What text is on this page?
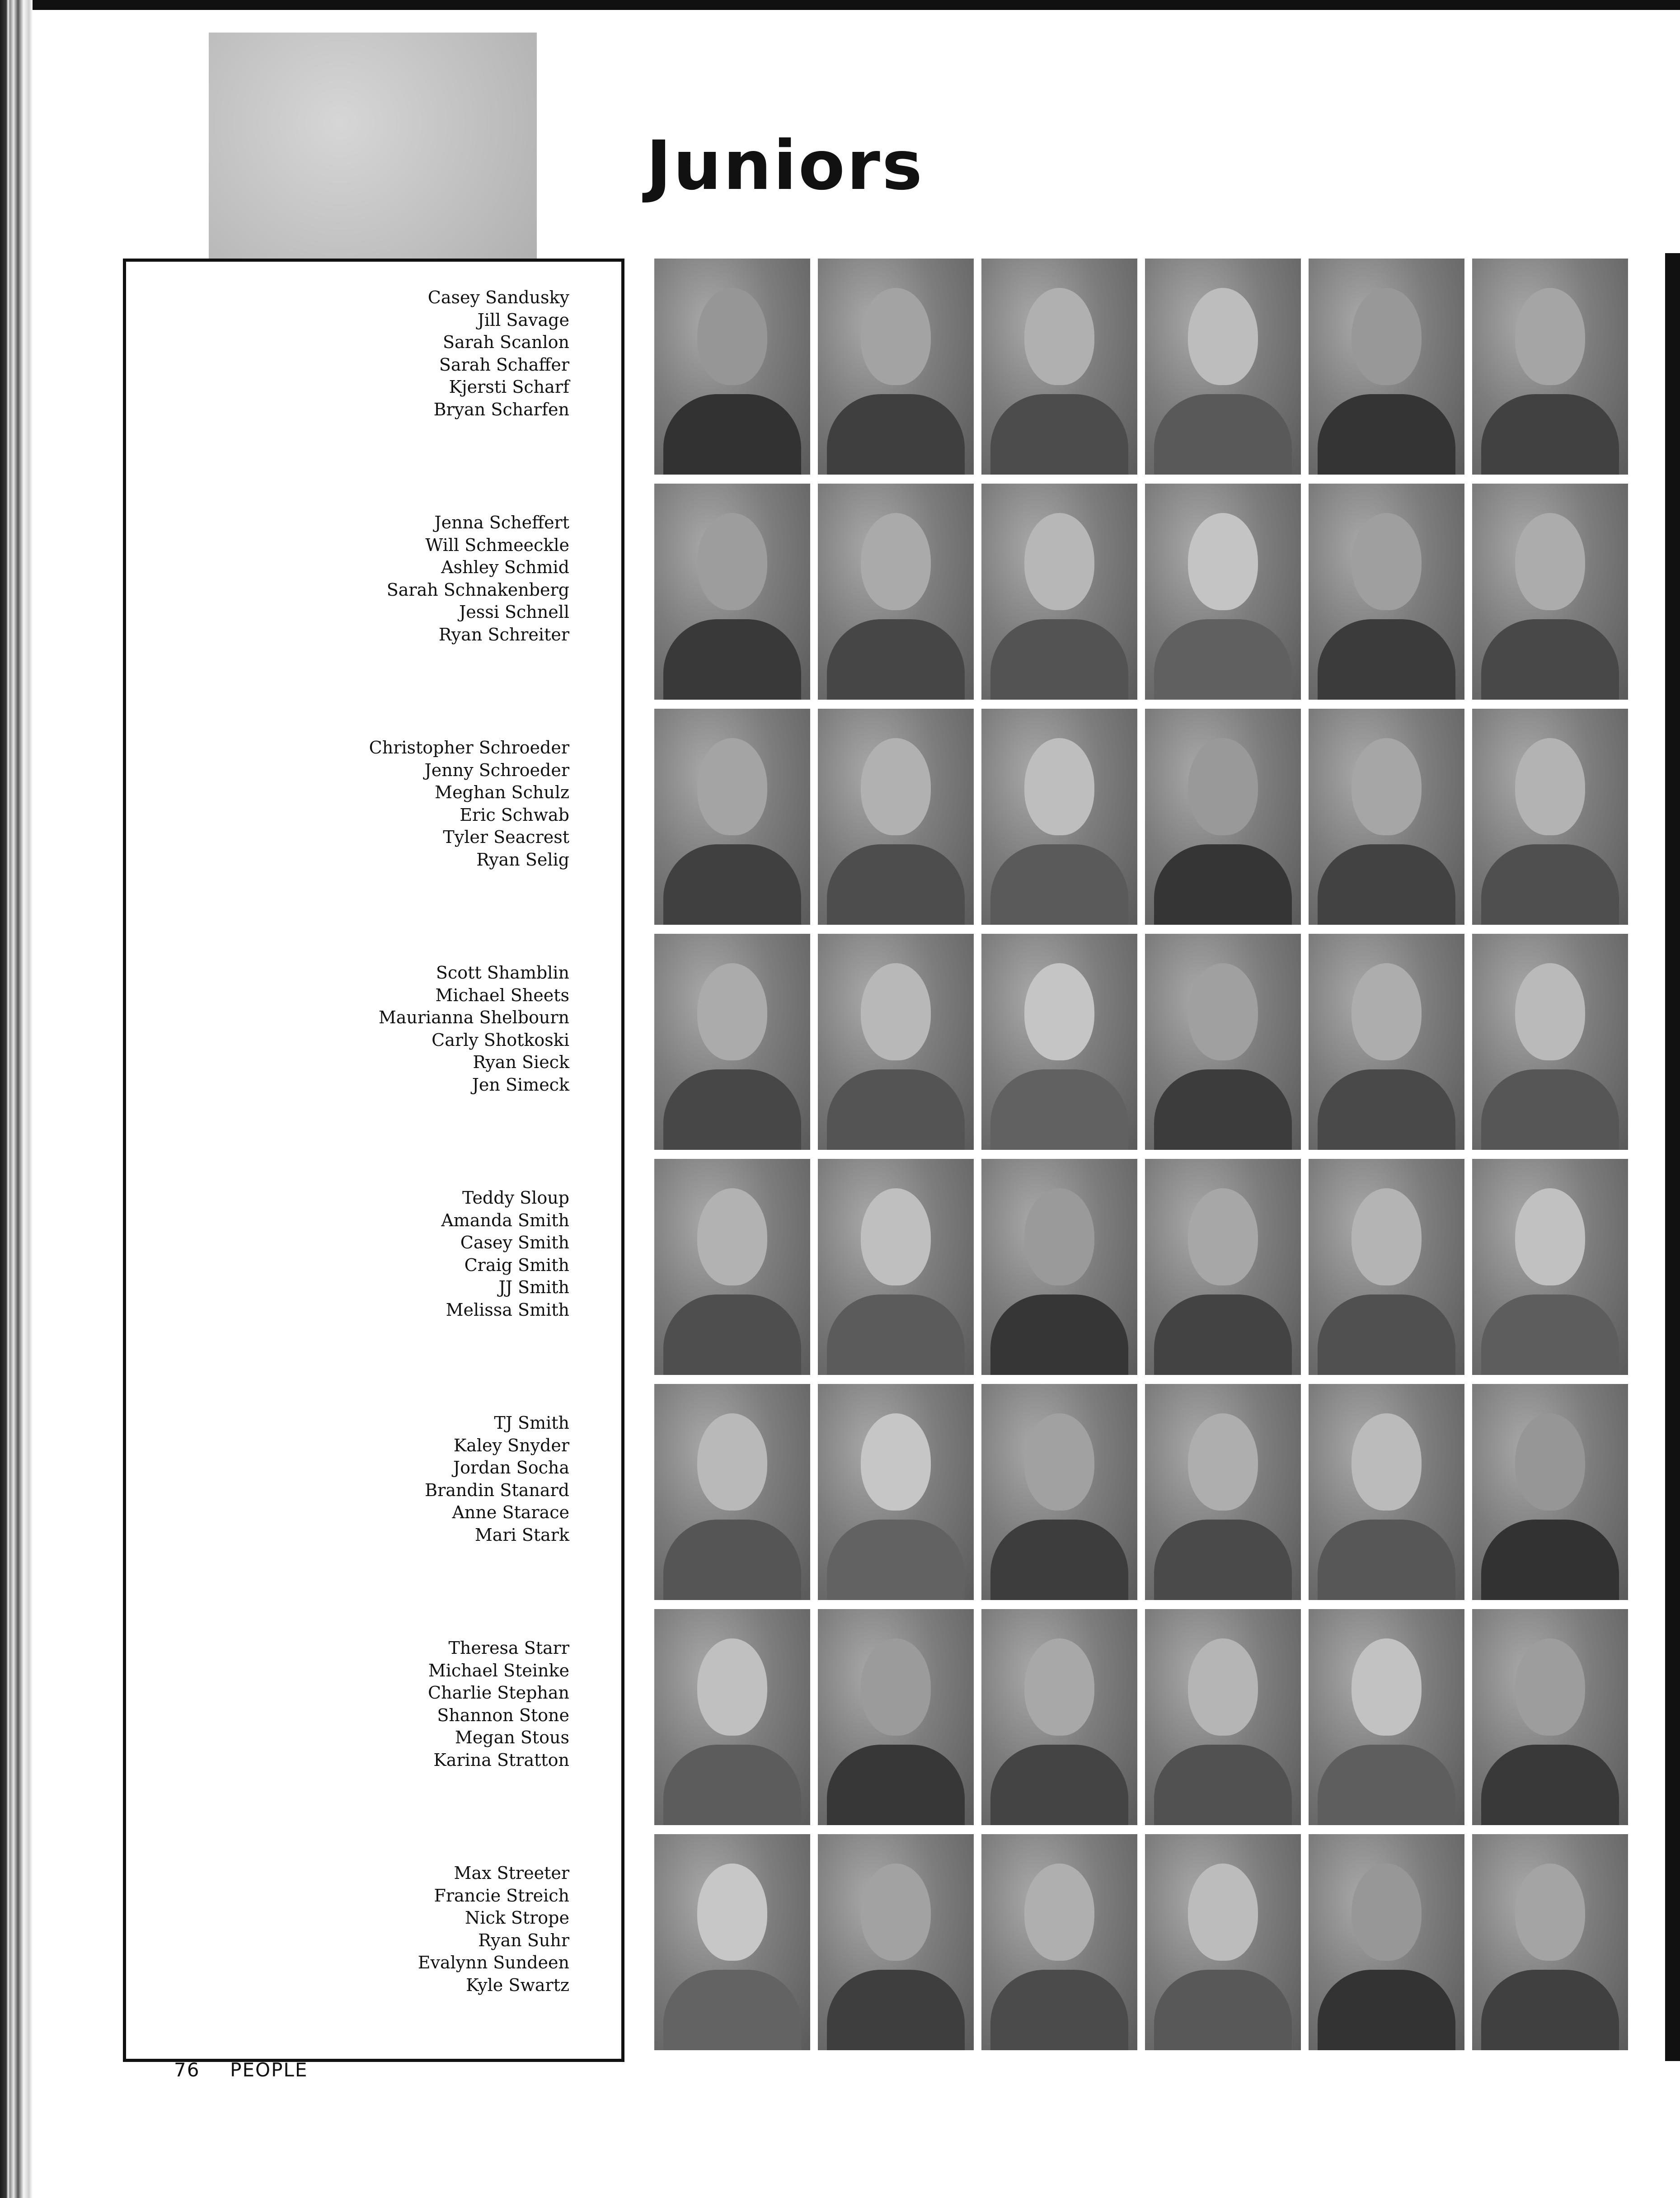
Juniors
Casey Sandusky
Jill Savage
Sarah Scanlon
Sarah Schaffer
Kjersti Scharf
Bryan Scharfen
Jenna Scheffert
Will Schmeeckle
Ashley Schmid
Sarah Schnakenberg
Jessi Schnell
Ryan Schreiter
Christopher Schroeder
Jenny Schroeder
Meghan Schulz
Eric Schwab
Tyler Seacrest
Ryan Selig
Scott Shamblin
Michael Sheets
Maurianna Shelbourn
Carly Shotkoski
Ryan Sieck
Jen Simeck
Teddy Sloup
Amanda Smith
Casey Smith
Craig Smith
JJ Smith
Melissa Smith
TJ Smith
Kaley Snyder
Jordan Socha
Brandin Stanard
Anne Starace
Mari Stark
Theresa Starr
Michael Steinke
Charlie Stephan
Shannon Stone
Megan Stous
Karina Stratton
Max Streeter
Francie Streich
Nick Strope
Ryan Suhr
Evalynn Sundeen
Kyle Swartz
76 PEOPLE
